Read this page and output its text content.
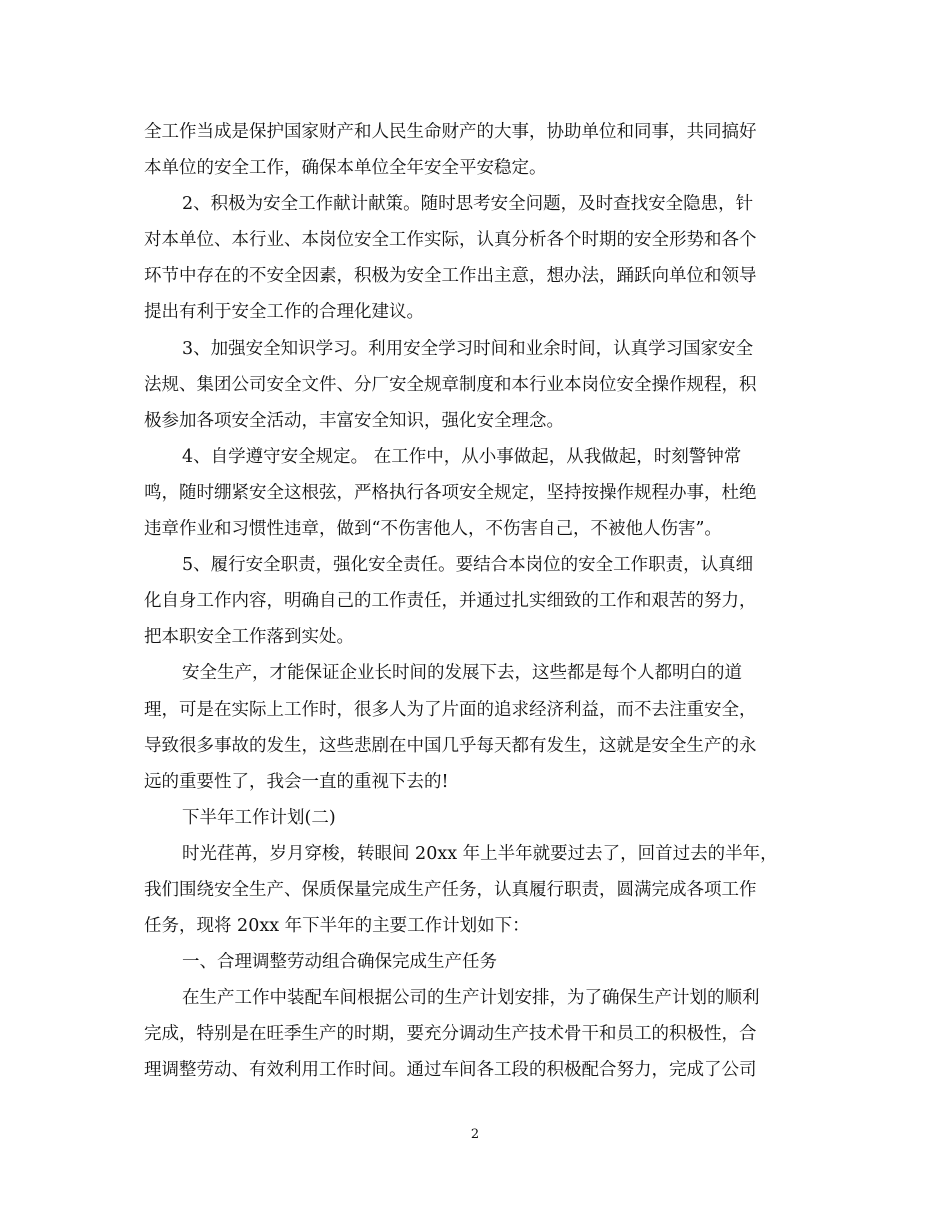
全工作当成是保护国家财产和人民生命财产的大事，协助单位和同事，共同搞好
本单位的安全工作，确保本单位全年安全平安稳定。
2、积极为安全工作献计献策。随时思考安全问题，及时查找安全隐患，针
对本单位、本行业、本岗位安全工作实际，认真分析各个时期的安全形势和各个
环节中存在的不安全因素，积极为安全工作出主意，想办法，踊跃向单位和领导
提出有利于安全工作的合理化建议。
3、加强安全知识学习。利用安全学习时间和业余时间，认真学习国家安全
法规、集团公司安全文件、分厂安全规章制度和本行业本岗位安全操作规程，积
极参加各项安全活动，丰富安全知识，强化安全理念。
4、自学遵守安全规定。 在工作中，从小事做起，从我做起，时刻警钟常
鸣，随时绷紧安全这根弦，严格执行各项安全规定，坚持按操作规程办事，杜绝
违章作业和习惯性违章，做到“不伤害他人，不伤害自己，不被他人伤害”。
5、履行安全职责，强化安全责任。要结合本岗位的安全工作职责，认真细
化自身工作内容，明确自己的工作责任，并通过扎实细致的工作和艰苦的努力，
把本职安全工作落到实处。
安全生产，才能保证企业长时间的发展下去，这些都是每个人都明白的道
理，可是在实际上工作时，很多人为了片面的追求经济利益，而不去注重安全，
导致很多事故的发生，这些悲剧在中国几乎每天都有发生，这就是安全生产的永
远的重要性了，我会一直的重视下去的!
下半年工作计划(二)
时光荏苒，岁月穿梭，转眼间 20xx 年上半年就要过去了，回首过去的半年，
我们围绕安全生产、保质保量完成生产任务，认真履行职责，圆满完成各项工作
任务，现将 20xx 年下半年的主要工作计划如下：
一、合理调整劳动组合确保完成生产任务
在生产工作中装配车间根据公司的生产计划安排，为了确保生产计划的顺利
完成，特别是在旺季生产的时期，要充分调动生产技术骨干和员工的积极性，合
理调整劳动、有效利用工作时间。通过车间各工段的积极配合努力，完成了公司
2
